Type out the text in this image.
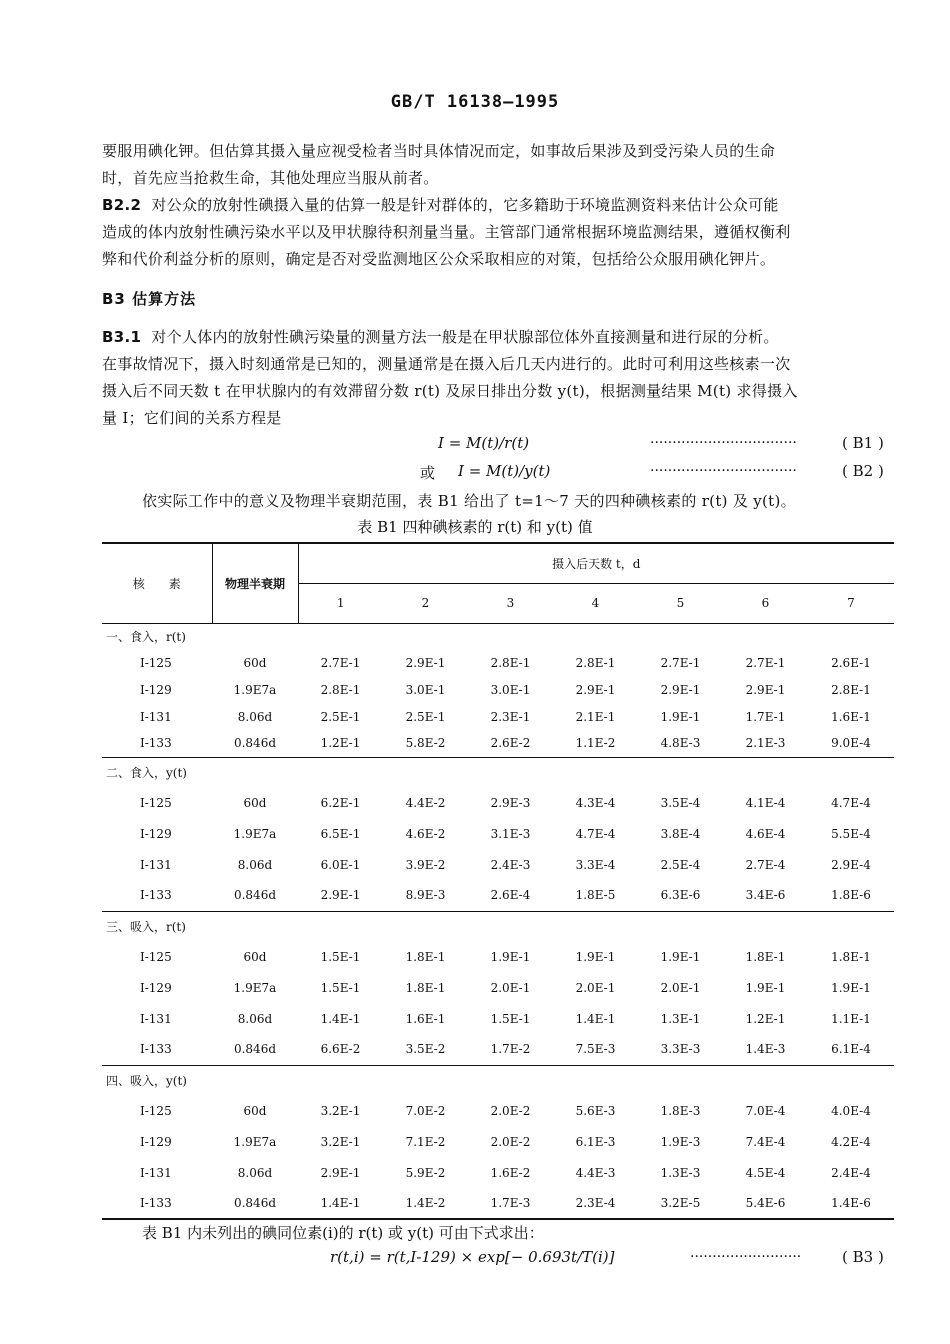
GB/T 16138—1995
要服用碘化钾。但估算其摄入量应视受检者当时具体情况而定，如事故后果涉及到受污染人员的生命
时，首先应当抢救生命，其他处理应当服从前者。
B2.2 对公众的放射性碘摄入量的估算一般是针对群体的，它多籍助于环境监测资料来估计公众可能
造成的体内放射性碘污染水平以及甲状腺待积剂量当量。主管部门通常根据环境监测结果，遵循权衡利
弊和代价利益分析的原则，确定是否对受监测地区公众采取相应的对策，包括给公众服用碘化钾片。
B3 估算方法
B3.1 对个人体内的放射性碘污染量的测量方法一般是在甲状腺部位体外直接测量和进行尿的分析。
在事故情况下，摄入时刻通常是已知的，测量通常是在摄入后几天内进行的。此时可利用这些核素一次
摄入后不同天数 t 在甲状腺内的有效滞留分数 r(t) 及尿日排出分数 y(t)，根据测量结果 M(t) 求得摄入
量 I；它们间的关系方程是
I = M(t)/r(t)	·································	( B1 )
或 I = M(t)/y(t)	·································	( B2 )
依实际工作中的意义及物理半衰期范围，表 B1 给出了 t=1～7 天的四种碘核素的 r(t) 及 y(t)。
表 B1 四种碘核素的 r(t) 和 y(t) 值
核　　素	物理半衰期	摄入后天数 t，d						
		1	2	3	4	5	6	7
一、食入，r(t)								
I-125	60d	2.7E-1	2.9E-1	2.8E-1	2.8E-1	2.7E-1	2.7E-1	2.6E-1
I-129	1.9E7a	2.8E-1	3.0E-1	3.0E-1	2.9E-1	2.9E-1	2.9E-1	2.8E-1
I-131	8.06d	2.5E-1	2.5E-1	2.3E-1	2.1E-1	1.9E-1	1.7E-1	1.6E-1
I-133	0.846d	1.2E-1	5.8E-2	2.6E-2	1.1E-2	4.8E-3	2.1E-3	9.0E-4
二、食入，y(t)								
I-125	60d	6.2E-1	4.4E-2	2.9E-3	4.3E-4	3.5E-4	4.1E-4	4.7E-4
I-129	1.9E7a	6.5E-1	4.6E-2	3.1E-3	4.7E-4	3.8E-4	4.6E-4	5.5E-4
I-131	8.06d	6.0E-1	3.9E-2	2.4E-3	3.3E-4	2.5E-4	2.7E-4	2.9E-4
I-133	0.846d	2.9E-1	8.9E-3	2.6E-4	1.8E-5	6.3E-6	3.4E-6	1.8E-6
三、吸入，r(t)								
I-125	60d	1.5E-1	1.8E-1	1.9E-1	1.9E-1	1.9E-1	1.8E-1	1.8E-1
I-129	1.9E7a	1.5E-1	1.8E-1	2.0E-1	2.0E-1	2.0E-1	1.9E-1	1.9E-1
I-131	8.06d	1.4E-1	1.6E-1	1.5E-1	1.4E-1	1.3E-1	1.2E-1	1.1E-1
I-133	0.846d	6.6E-2	3.5E-2	1.7E-2	7.5E-3	3.3E-3	1.4E-3	6.1E-4
四、吸入，y(t)								
I-125	60d	3.2E-1	7.0E-2	2.0E-2	5.6E-3	1.8E-3	7.0E-4	4.0E-4
I-129	1.9E7a	3.2E-1	7.1E-2	2.0E-2	6.1E-3	1.9E-3	7.4E-4	4.2E-4
I-131	8.06d	2.9E-1	5.9E-2	1.6E-2	4.4E-3	1.3E-3	4.5E-4	2.4E-4
I-133	0.846d	1.4E-1	1.4E-2	1.7E-3	2.3E-4	3.2E-5	5.4E-6	1.4E-6
表 B1 内未列出的碘同位素(i)的 r(t) 或 y(t) 可由下式求出：
r(t,i) = r(t,I-129) × exp[− 0.693t/T(i)]	·························	( B3 )
